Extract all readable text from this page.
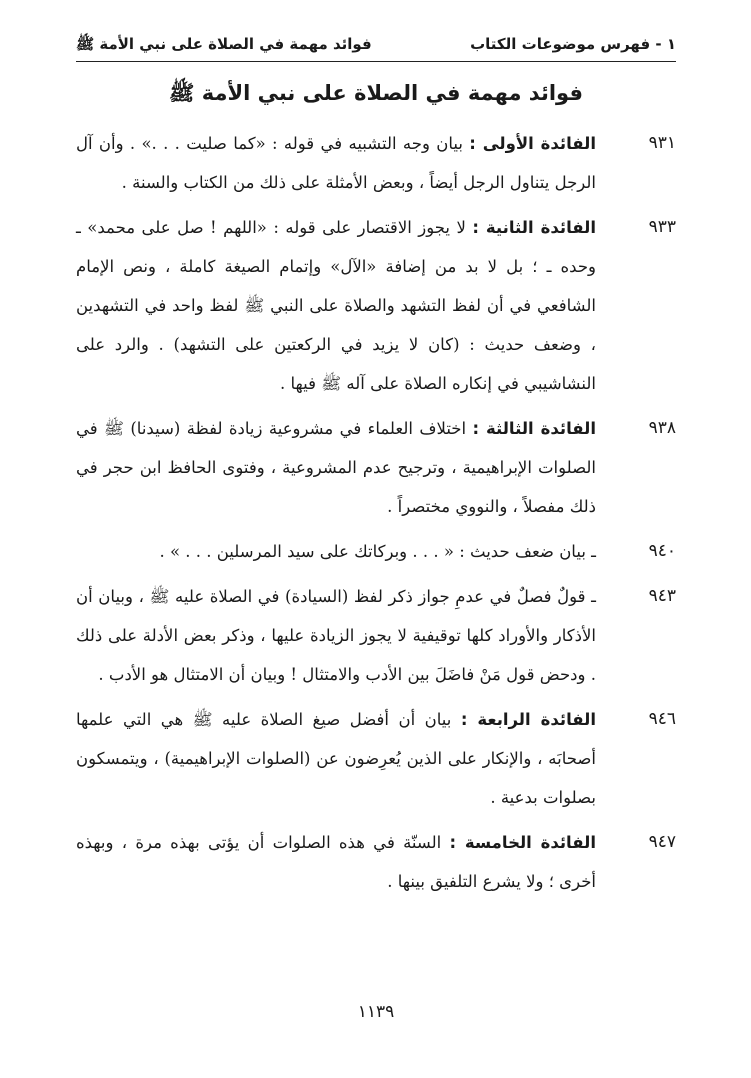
١ - فهرس موضوعات الكتاب
فوائد مهمة في الصلاة على نبي الأمة ﷺ
فوائد مهمة في الصلاة على نبي الأمة ﷺ
٩٣١
الفائدة الأولى : بيان وجه التشبيه في قوله : «كما صليت . . .» . وأن آل الرجل يتناول الرجل أيضاً ، وبعض الأمثلة على ذلك من الكتاب والسنة .
٩٣٣
الفائدة الثانية : لا يجوز الاقتصار على قوله : «اللهم ! صل على محمد» ـ وحده ـ ؛ بل لا بد من إضافة «الآل» وإتمام الصيغة كاملة ، ونص الإمام الشافعي في أن لفظ التشهد والصلاة على النبي ﷺ لفظ واحد في التشهدين ، وضعف حديث : (كان لا يزيد في الركعتين على التشهد) . والرد على النشاشيبي في إنكاره الصلاة على آله ﷺ فيها .
٩٣٨
الفائدة الثالثة : اختلاف العلماء في مشروعية زيادة لفظة (سيدنا) ﷺ في الصلوات الإبراهيمية ، وترجيح عدم المشروعية ، وفتوى الحافظ ابن حجر في ذلك مفصلاً ، والنووي مختصراً .
٩٤٠
ـ بيان ضعف حديث : « . . . وبركاتك على سيد المرسلين . . . » .
٩٤٣
ـ قولٌ فصلٌ في عدمِ جواز ذكر لفظ (السيادة) في الصلاة عليه ﷺ ، وبيان أن الأذكار والأوراد كلها توقيفية لا يجوز الزيادة عليها ، وذكر بعض الأدلة على ذلك . ودحض قول مَنْ فاضَلَ بين الأدب والامتثال ! وبيان أن الامتثال هو الأدب .
٩٤٦
الفائدة الرابعة : بيان أن أفضل صيغ الصلاة عليه ﷺ هي التي علمها أصحابَه ، والإنكار على الذين يُعرِضون عن (الصلوات الإبراهيمية) ، ويتمسكون بصلوات بدعية .
٩٤٧
الفائدة الخامسة : السنّة في هذه الصلوات أن يؤتى بهذه مرة ، وبهذه أخرى ؛ ولا يشرع التلفيق بينها .
١١٣٩
